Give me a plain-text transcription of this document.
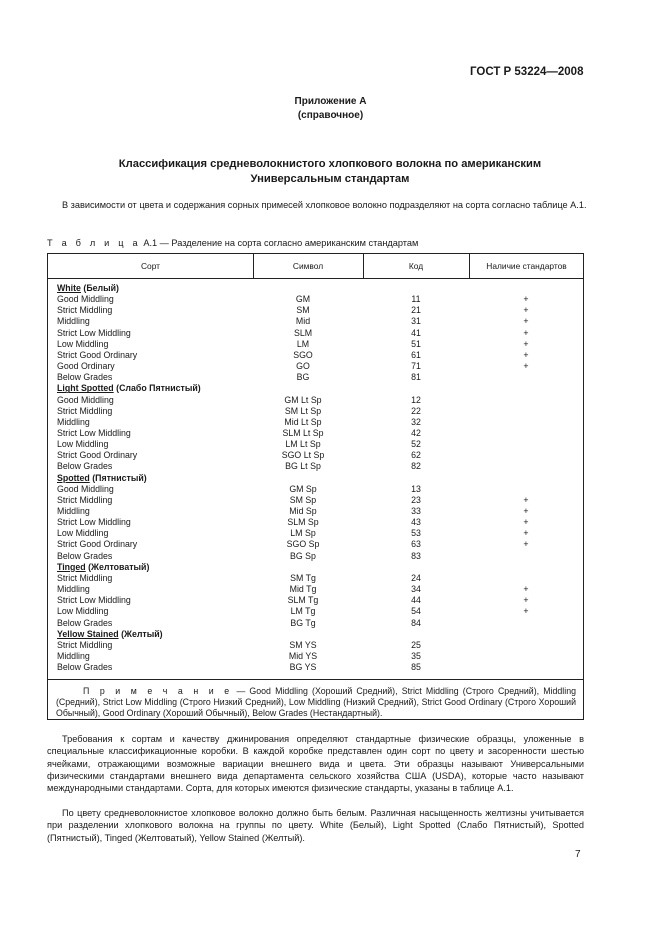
ГОСТ Р 53224—2008
Приложение А
(справочное)
Классификация средневолокнистого хлопкового волокна по американским
Универсальным стандартам
В зависимости от цвета и содержания сорных примесей хлопковое волокно подразделяют на сорта согласно таблице А.1.
Т а б л и ц а А.1 — Разделение на сорта согласно американским стандартам
Сорт	Символ	Код	Наличие стандартов
White (Белый)
Good Middling	GM	11	+
Strict Middling	SM	21	+
Middling	Mid	31	+
Strict Low Middling	SLM	41	+
Low Middling	LM	51	+
Strict Good Ordinary	SGO	61	+
Good Ordinary	GO	71	+
Below Grades	BG	81
Light Spotted (Слабо Пятнистый)
Good Middling	GM Lt Sp	12
Strict Middling	SM Lt Sp	22
Middling	Mid Lt Sp	32
Strict Low Middling	SLM Lt Sp	42
Low Middling	LM Lt Sp	52
Strict Good Ordinary	SGO Lt Sp	62
Below Grades	BG Lt Sp	82
Spotted (Пятнистый)
Good Middling	GM Sp	13
Strict Middling	SM Sp	23	+
Middling	Mid Sp	33	+
Strict Low Middling	SLM Sp	43	+
Low Middling	LM Sp	53	+
Strict Good Ordinary	SGO Sp	63	+
Below Grades	BG Sp	83
Tinged (Желтоватый)
Strict Middling	SM Tg	24
Middling	Mid Tg	34	+
Strict Low Middling	SLM Tg	44	+
Low Middling	LM Tg	54	+
Below Grades	BG Tg	84
Yellow Stained (Желтый)
Strict Middling	SM YS	25
Middling	Mid YS	35
Below Grades	BG YS	85
П р и м е ч а н и е — Good Middling (Хороший Средний), Strict Middling (Строго Средний), Middling (Средний), Strict Low Middling (Строго Низкий Средний), Low Middling (Низкий Средний), Strict Good Ordinary (Строго Хороший Обычный), Good Ordinary (Хороший Обычный), Below Grades (Нестандартный).
Требования к сортам и качеству джинирования определяют стандартные физические образцы, уложенные в специальные классификационные коробки. В каждой коробке представлен один сорт по цвету и засоренности шестью ячейками, отражающими возможные вариации внешнего вида и цвета. Эти образцы называют Универсальными физическими стандартами внешнего вида департамента сельского хозяйства США (USDA), которые часто называют международными стандартами. Сорта, для которых имеются физические стандарты, указаны в таблице А.1.
По цвету средневолокнистое хлопковое волокно должно быть белым. Различная насыщенность желтизны учитывается при разделении хлопкового волокна на группы по цвету. White (Белый), Light Spotted (Слабо Пятнистый), Spotted (Пятнистый), Tinged (Желтоватый), Yellow Stained (Желтый).
7
